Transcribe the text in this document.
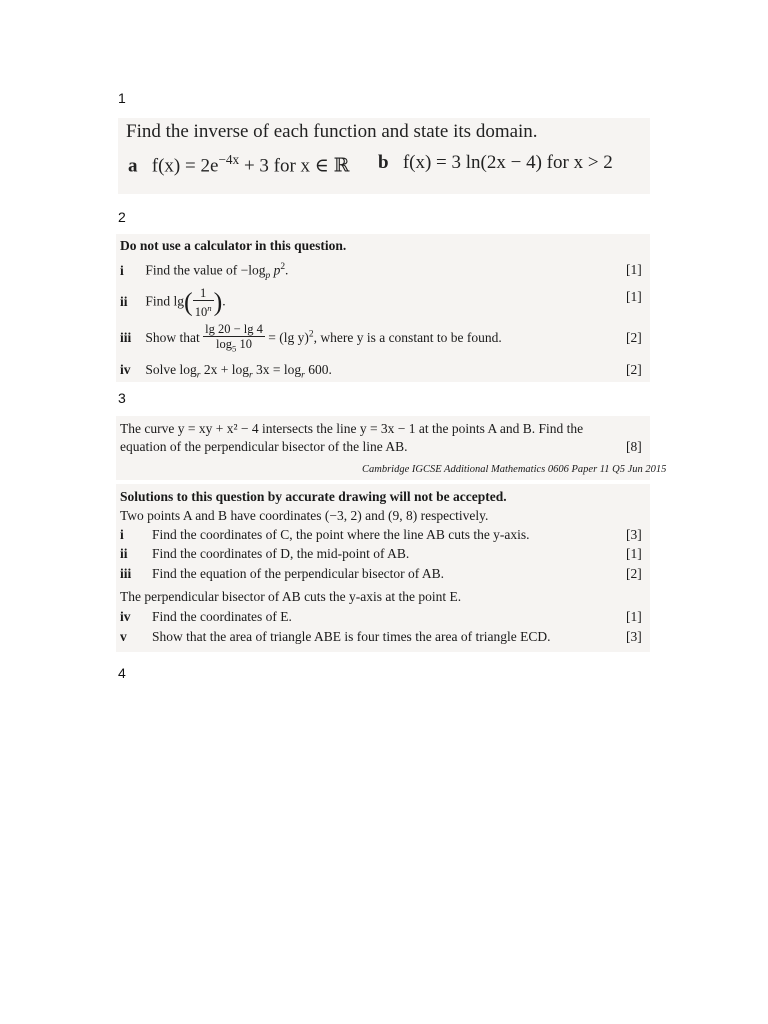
1
Find the inverse of each function and state its domain.
a $f(x) = 2e^{-4x} + 3$ for x ∈ ℝ b f(x) = 3 ln(2x − 4) for x > 2
2
Do not use a calculator in this question.
i Find the value of $-\log_p$ $p^2$.	[1]
ii Find $\lg( \frac{1}{10^n}$ ).	[1]
iii Show that $\frac{\lg 20 - \lg 4}{\log_5 10} = (\lg$ y)$^2$, where y is a constant to be found.	[2]
iv Solve $\log_r 2x + \log_r 3x = \log_r 600$.	[2]
3
The curve y = xy + x² − 4 intersects the line y = 3x − 1 at the points A and B. Find the
equation of the perpendicular bisector of the line AB.	[8]
Cambridge IGCSE Additional Mathematics 0606 Paper 11 Q5 Jun 2015
Solutions to this question by accurate drawing will not be accepted.
Two points A and B have coordinates (−3, 2) and (9, 8) respectively.
i Find the coordinates of C, the point where the line AB cuts the y-axis.	[3]
ii Find the coordinates of D, the mid-point of AB.	[1]
iii Find the equation of the perpendicular bisector of AB.	[2]
The perpendicular bisector of AB cuts the y-axis at the point E.
iv Find the coordinates of E.	[1]
v Show that the area of triangle ABE is four times the area of triangle ECD.	[3]
4
